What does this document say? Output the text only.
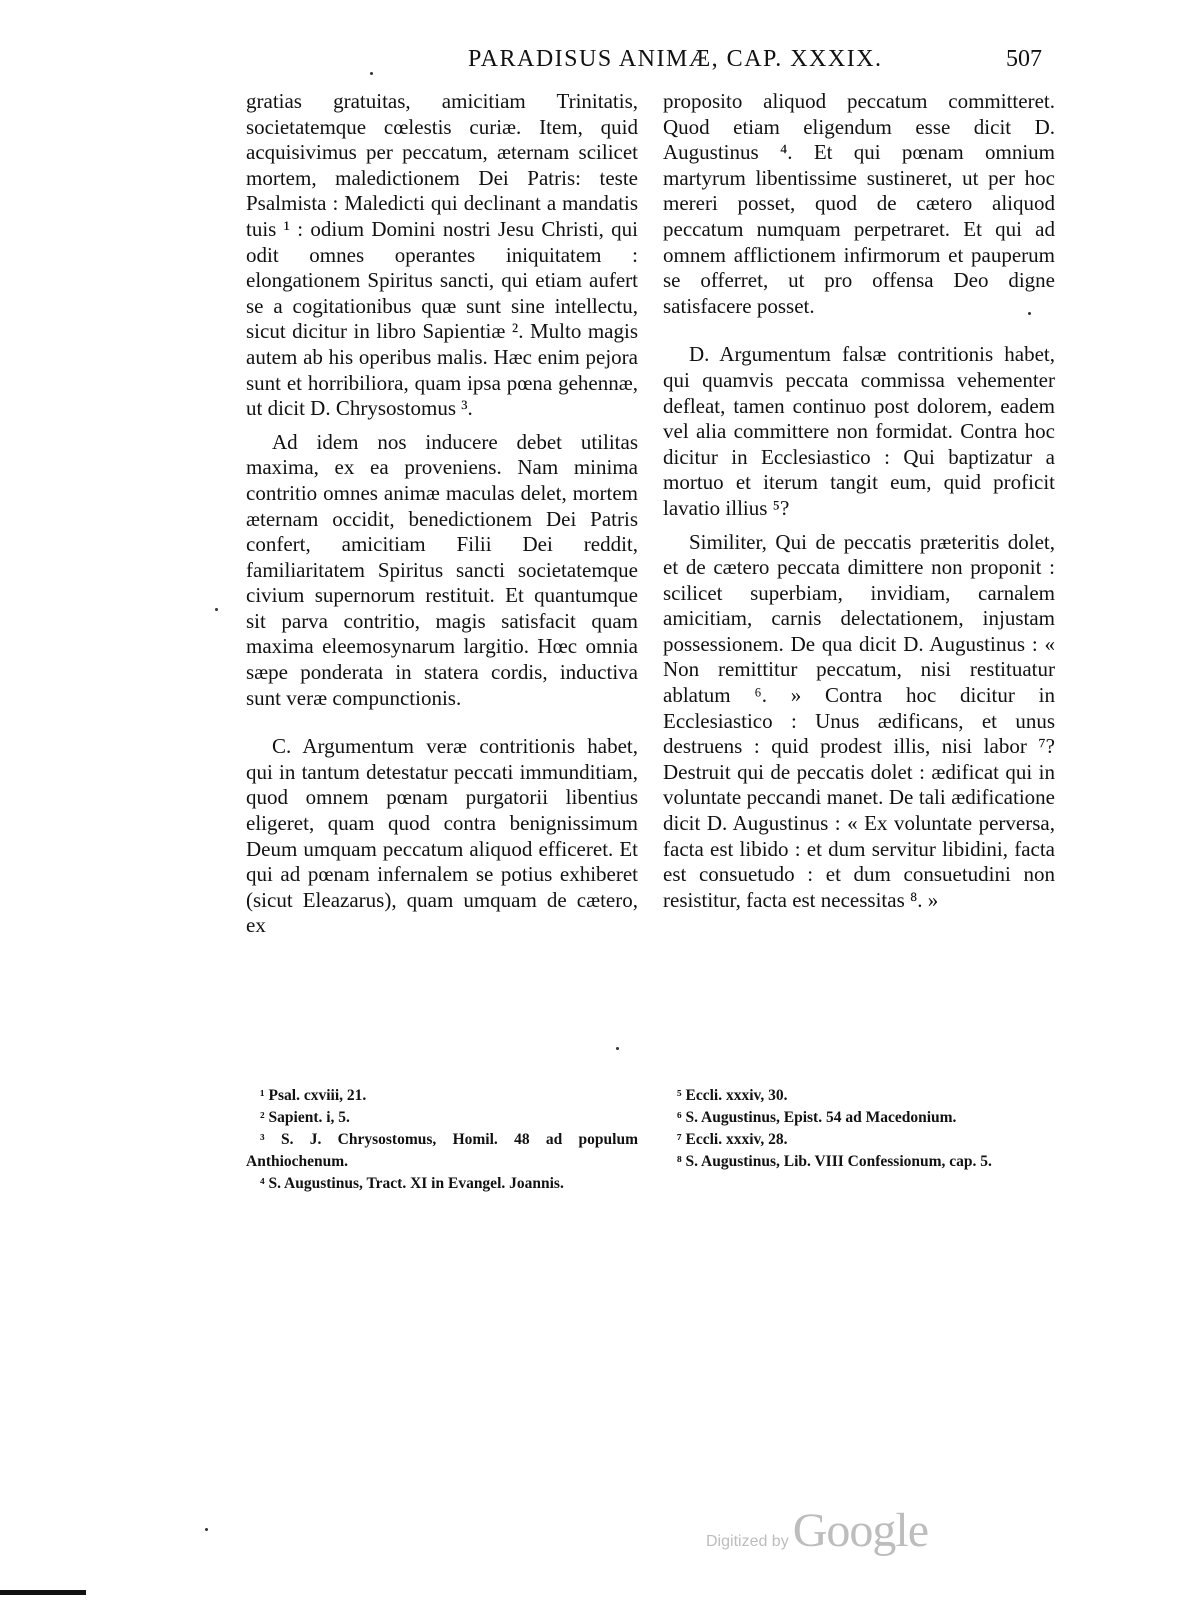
PARADISUS ANIMÆ, CAP. XXXIX.	507

gratias gratuitas, amicitiam Trinitatis, societatemque cœlestis curiæ. Item, quid acquisivimus per peccatum, æternam scilicet mortem, maledictionem Dei Patris: teste Psalmista : Maledicti qui declinant a mandatis tuis ¹ : odium Domini nostri Jesu Christi, qui odit omnes operantes iniquitatem : elongationem Spiritus sancti, qui etiam aufert se a cogitationibus quæ sunt sine intellectu, sicut dicitur in libro Sapientiæ ². Multo magis autem ab his operibus malis. Hæc enim pejora sunt et horribiliora, quam ipsa pœna gehennæ, ut dicit D. Chrysostomus ³.

Ad idem nos inducere debet utilitas maxima, ex ea proveniens. Nam minima contritio omnes animæ maculas delet, mortem æternam occidit, benedictionem Dei Patris confert, amicitiam Filii Dei reddit, familiaritatem Spiritus sancti societatemque civium supernorum restituit. Et quantumque sit parva contritio, magis satisfacit quam maxima eleemosynarum largitio. Hœc omnia sæpe ponderata in statera cordis, inductiva sunt veræ compunctionis.

C. Argumentum veræ contritionis habet, qui in tantum detestatur peccati immunditiam, quod omnem pœnam purgatorii libentius eligeret, quam quod contra benignissimum Deum umquam peccatum aliquod efficeret. Et qui ad pœnam infernalem se potius exhiberet (sicut Eleazarus), quam umquam de cætero, ex

proposito aliquod peccatum committeret. Quod etiam eligendum esse dicit D. Augustinus ⁴. Et qui pœnam omnium martyrum libentissime sustineret, ut per hoc mereri posset, quod de cætero aliquod peccatum numquam perpetraret. Et qui ad omnem afflictionem infirmorum et pauperum se offerret, ut pro offensa Deo digne satisfacere posset.

D. Argumentum falsæ contritionis habet, qui quamvis peccata commissa vehementer defleat, tamen continuo post dolorem, eadem vel alia committere non formidat. Contra hoc dicitur in Ecclesiastico : Qui baptizatur a mortuo et iterum tangit eum, quid proficit lavatio illius ⁵?

Similiter, Qui de peccatis præteritis dolet, et de cætero peccata dimittere non proponit : scilicet superbiam, invidiam, carnalem amicitiam, carnis delectationem, injustam possessionem. De qua dicit D. Augustinus : « Non remittitur peccatum, nisi restituatur ablatum ⁶. » Contra hoc dicitur in Ecclesiastico : Unus ædificans, et unus destruens : quid prodest illis, nisi labor ⁷? Destruit qui de peccatis dolet : ædificat qui in voluntate peccandi manet. De tali ædificatione dicit D. Augustinus : « Ex voluntate perversa, facta est libido : et dum servitur libidini, facta est consuetudo : et dum consuetudini non resistitur, facta est necessitas ⁸. »

¹ Psal. cxviii, 21.
² Sapient. i, 5.
³ S. J. Chrysostomus, Homil. 48 ad populum Anthiochenum.
⁴ S. Augustinus, Tract. XI in Evangel. Joannis.
⁵ Eccli. xxxiv, 30.
⁶ S. Augustinus, Epist. 54 ad Macedonium.
⁷ Eccli. xxxiv, 28.
⁸ S. Augustinus, Lib. VIII Confessionum, cap. 5.
Digitized by Google
